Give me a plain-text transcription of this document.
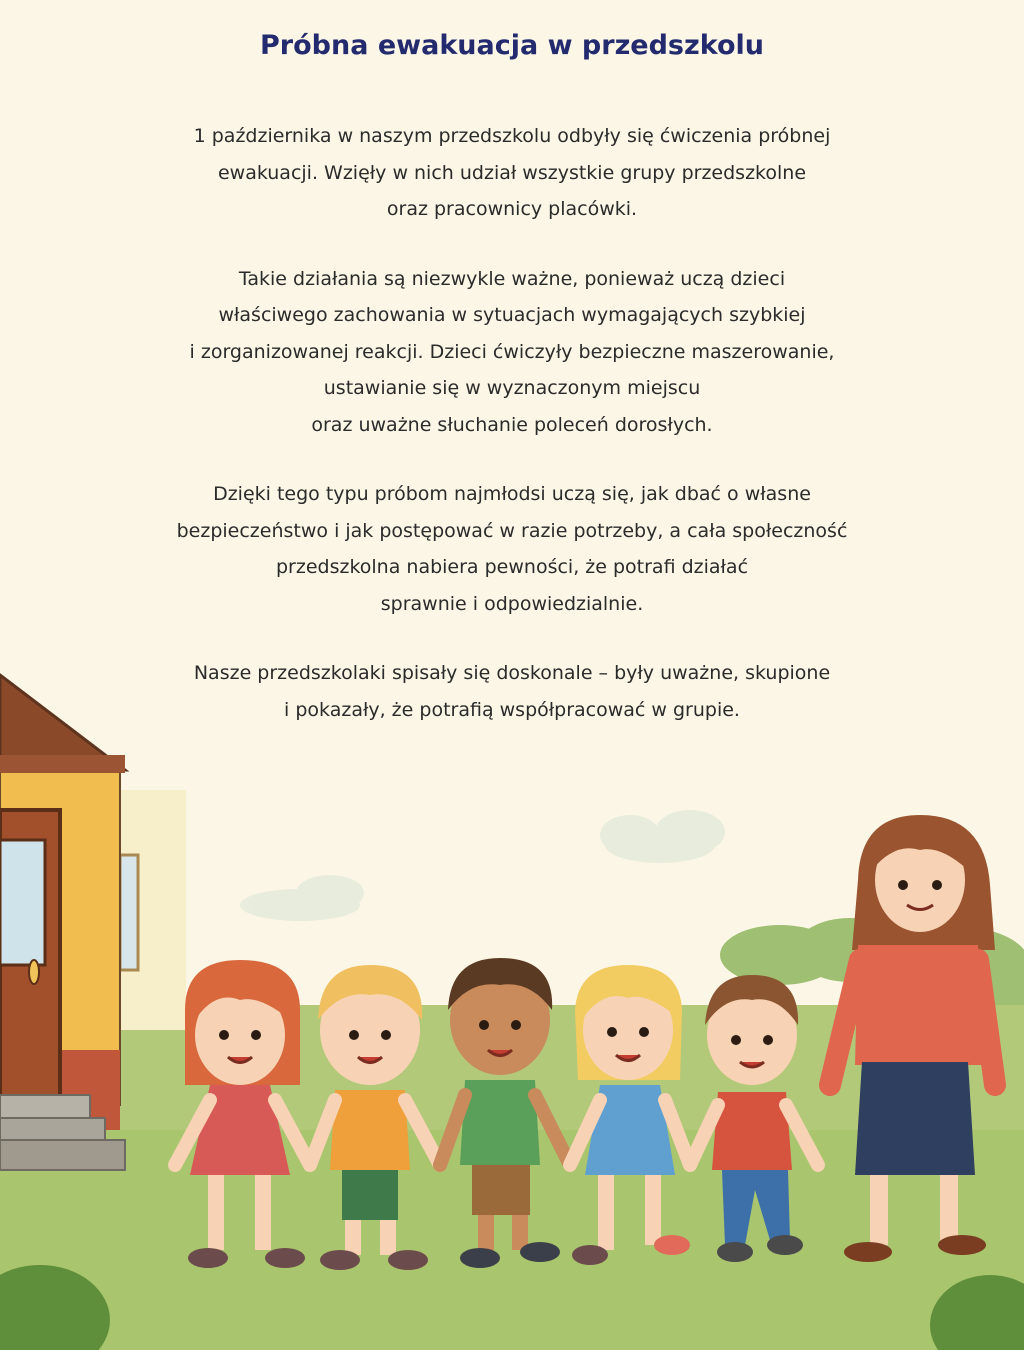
Próbna ewakuacja w przedszkolu

1 października w naszym przedszkolu odbyły się ćwiczenia próbnej
ewakuacji. Wzięły w nich udział wszystkie grupy przedszkolne
oraz pracownicy placówki.

Takie działania są niezwykle ważne, ponieważ uczą dzieci
właściwego zachowania w sytuacjach wymagających szybkiej
i zorganizowanej reakcji. Dzieci ćwiczyły bezpieczne maszerowanie,
ustawianie się w wyznaczonym miejscu
oraz uważne słuchanie poleceń dorosłych.

Dzięki tego typu próbom najmłodsi uczą się, jak dbać o własne
bezpieczeństwo i jak postępować w razie potrzeby, a cała społeczność
przedszkolna nabiera pewności, że potrafi działać
sprawnie i odpowiedzialnie.

Nasze przedszkolaki spisały się doskonale – były uważne, skupione
i pokazały, że potrafią współpracować w grupie.
